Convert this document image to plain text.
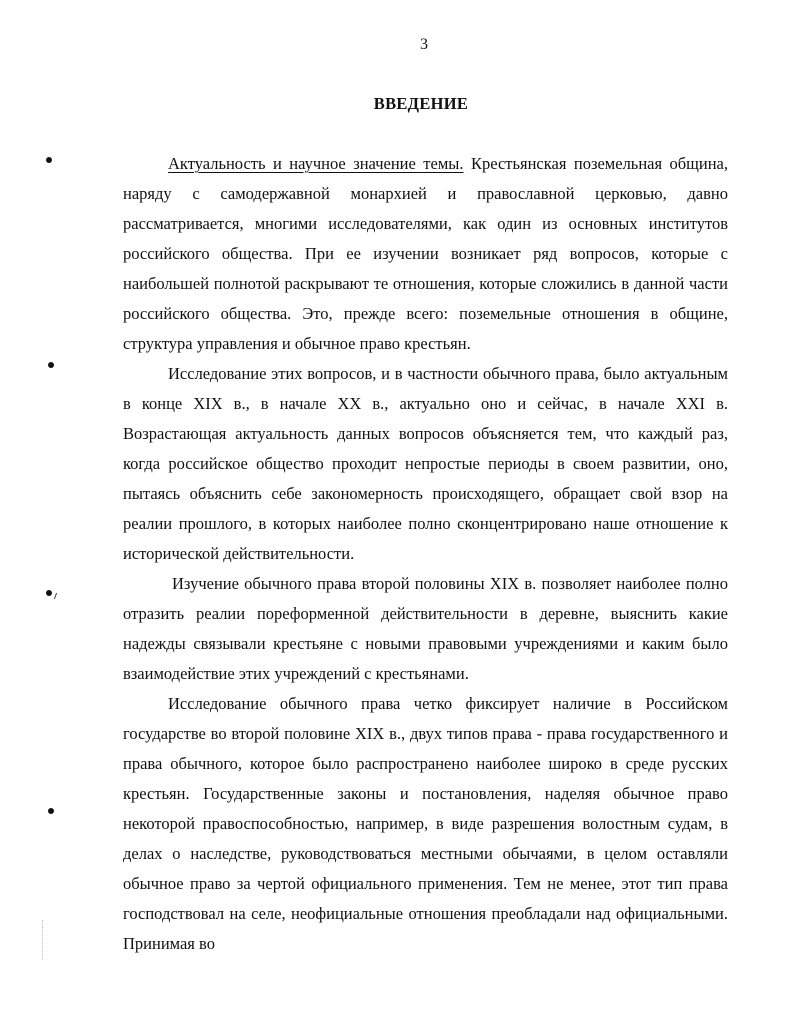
3
ВВЕДЕНИЕ

Актуальность и научное значение темы. Крестьянская поземельная община, наряду с самодержавной монархией и православной церковью, давно рассматривается, многими исследователями, как один из основных институтов российского общества. При ее изучении возникает ряд вопросов, которые с наибольшей полнотой раскрывают те отношения, которые сложились в данной части российского общества. Это, прежде всего: поземельные отношения в общине, структура управления и обычное право крестьян.

Исследование этих вопросов, и в частности обычного права, было актуальным в конце XIX в., в начале XX в., актуально оно и сейчас, в начале XXI в. Возрастающая актуальность данных вопросов объясняется тем, что каждый раз, когда российское общество проходит непростые периоды в своем развитии, оно, пытаясь объяснить себе закономерность происходящего, обращает свой взор на реалии прошлого, в которых наиболее полно сконцентрировано наше отношение к исторической действительности.

Изучение обычного права второй половины XIX в. позволяет наиболее полно отразить реалии пореформенной действительности в деревне, выяснить какие надежды связывали крестьяне с новыми правовыми учреждениями и каким было взаимодействие этих учреждений с крестьянами.

Исследование обычного права четко фиксирует наличие в Российском государстве во второй половине XIX в., двух типов права - права государственного и права обычного, которое было распространено наиболее широко в среде русских крестьян. Государственные законы и постановления, наделяя обычное право некоторой правоспособностью, например, в виде разрешения волостным судам, в делах о наследстве, руководствоваться местными обычаями, в целом оставляли обычное право за чертой официального применения. Тем не менее, этот тип права господствовал на селе, неофициальные отношения преобладали над официальными. Принимая во
